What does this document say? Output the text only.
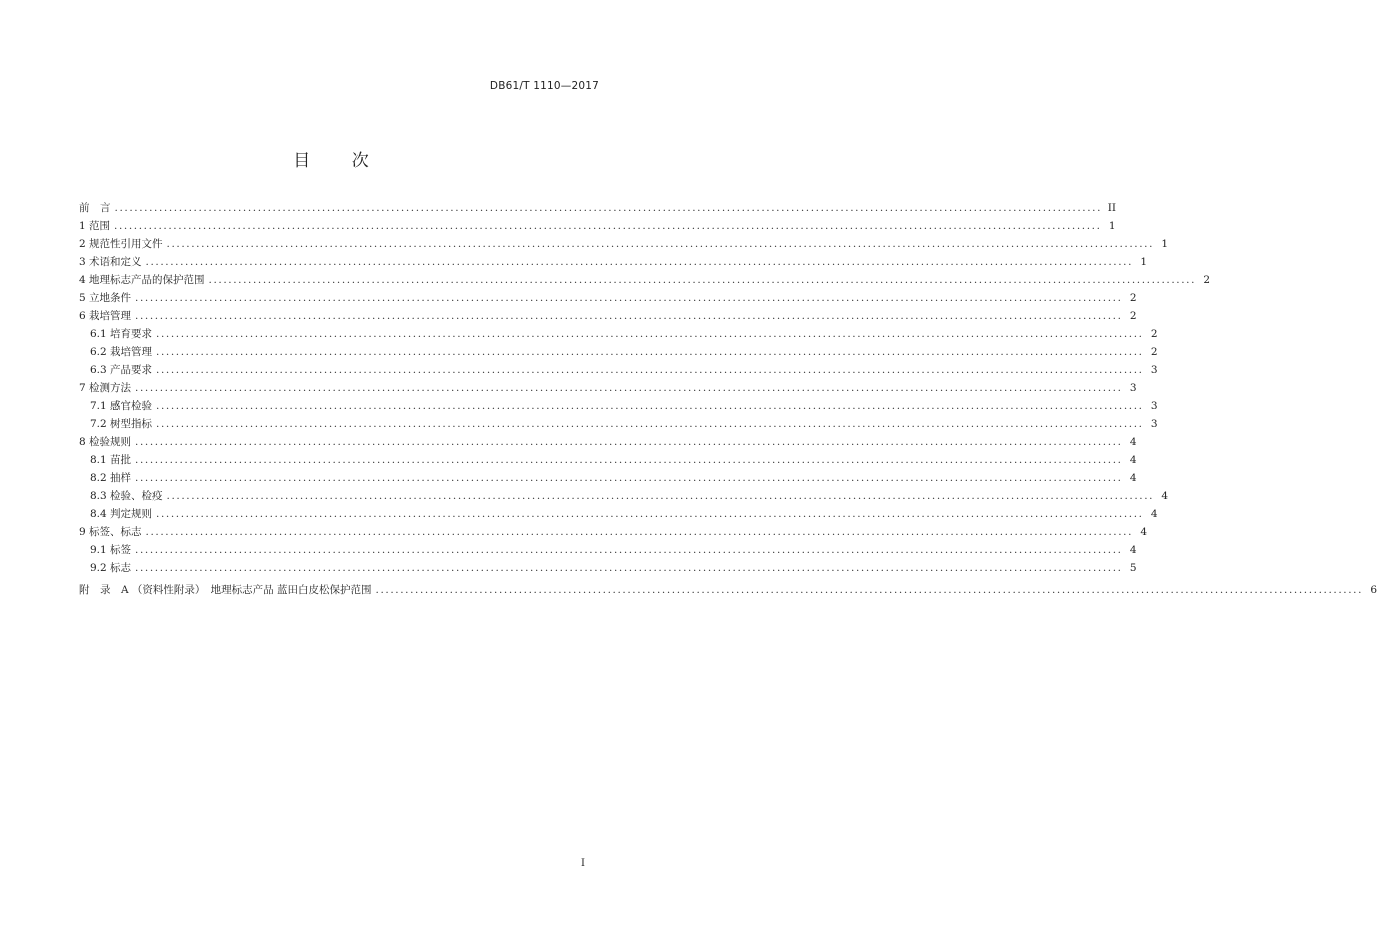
DB61/T 1110—2017
目 次
前　言 ........................................................................................................................................................................................................ II
1 范围 ........................................................................................................................................................................................................ 1
2 规范性引用文件 ........................................................................................................................................................................................................ 1
3 术语和定义 ........................................................................................................................................................................................................ 1
4 地理标志产品的保护范围 ........................................................................................................................................................................................................ 2
5 立地条件 ........................................................................................................................................................................................................ 2
6 栽培管理 ........................................................................................................................................................................................................ 2
6.1 培育要求 ........................................................................................................................................................................................................ 2
6.2 栽培管理 ........................................................................................................................................................................................................ 2
6.3 产品要求 ........................................................................................................................................................................................................ 3
7 检测方法 ........................................................................................................................................................................................................ 3
7.1 感官检验 ........................................................................................................................................................................................................ 3
7.2 树型指标 ........................................................................................................................................................................................................ 3
8 检验规则 ........................................................................................................................................................................................................ 4
8.1 苗批 ........................................................................................................................................................................................................ 4
8.2 抽样 ........................................................................................................................................................................................................ 4
8.3 检验、检疫 ........................................................................................................................................................................................................ 4
8.4 判定规则 ........................................................................................................................................................................................................ 4
9 标签、标志 ........................................................................................................................................................................................................ 4
9.1 标签 ........................................................................................................................................................................................................ 4
9.2 标志 ........................................................................................................................................................................................................ 5
附　录　A （资料性附录）　地理标志产品 蓝田白皮松保护范围 ........................................................................................................................................................................................................ 6
I
